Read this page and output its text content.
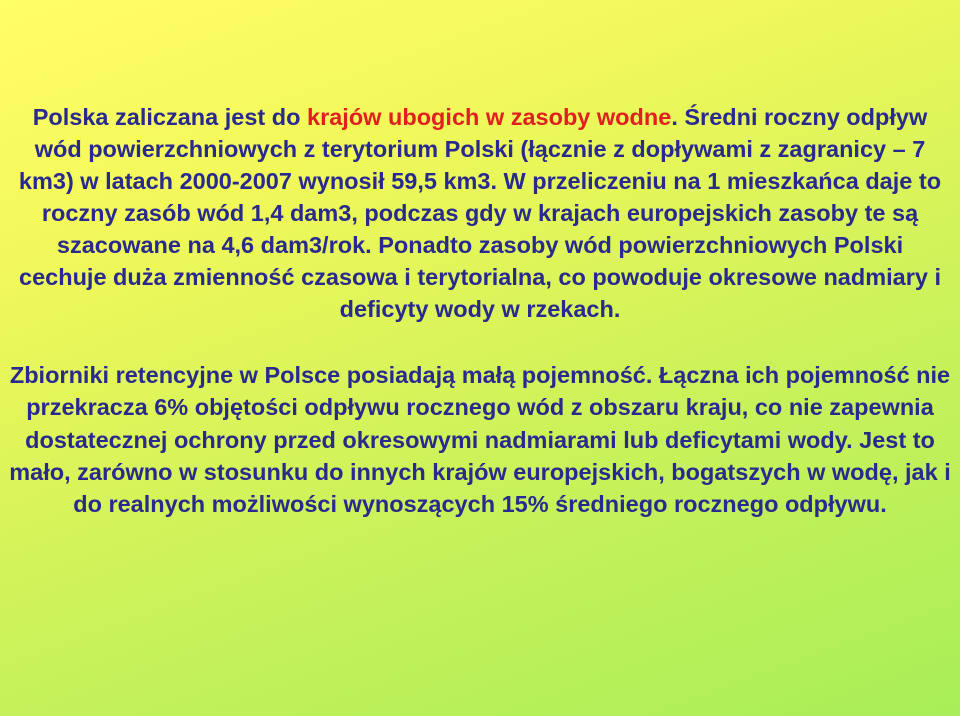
Polska zaliczana jest do krajów ubogich w zasoby wodne. Średni roczny odpływ wód powierzchniowych z terytorium Polski (łącznie z dopływami z zagranicy – 7 km3) w latach 2000-2007 wynosił 59,5 km3. W przeliczeniu na 1 mieszkańca daje to roczny zasób wód 1,4 dam3, podczas gdy w krajach europejskich zasoby te są szacowane na 4,6 dam3/rok. Ponadto zasoby wód powierzchniowych Polski cechuje duża zmienność czasowa i terytorialna, co powoduje okresowe nadmiary i deficyty wody w rzekach.

Zbiorniki retencyjne w Polsce posiadają małą pojemność. Łączna ich pojemność nie przekracza 6% objętości odpływu rocznego wód z obszaru kraju, co nie zapewnia dostatecznej ochrony przed okresowymi nadmiarami lub deficytami wody. Jest to mało, zarówno w stosunku do innych krajów europejskich, bogatszych w wodę, jak i do realnych możliwości wynoszących 15% średniego rocznego odpływu.
